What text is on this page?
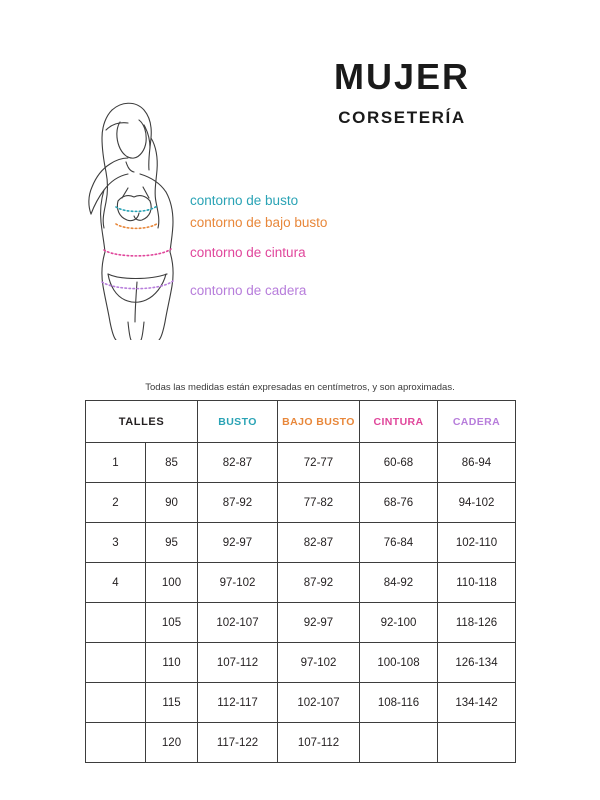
MUJER
CORSETERÍA
contorno de busto
contorno de bajo busto
contorno de cintura
contorno de cadera
Todas las medidas están expresadas en centímetros, y son aproximadas.
TALLES		BUSTO	BAJO BUSTO	CINTURA	CADERA
1	85	82-87	72-77	60-68	86-94
2	90	87-92	77-82	68-76	94-102
3	95	92-97	82-87	76-84	102-110
4	100	97-102	87-92	84-92	110-118
	105	102-107	92-97	92-100	118-126
	110	107-112	97-102	100-108	126-134
	115	112-117	102-107	108-116	134-142
	120	117-122	107-112		
